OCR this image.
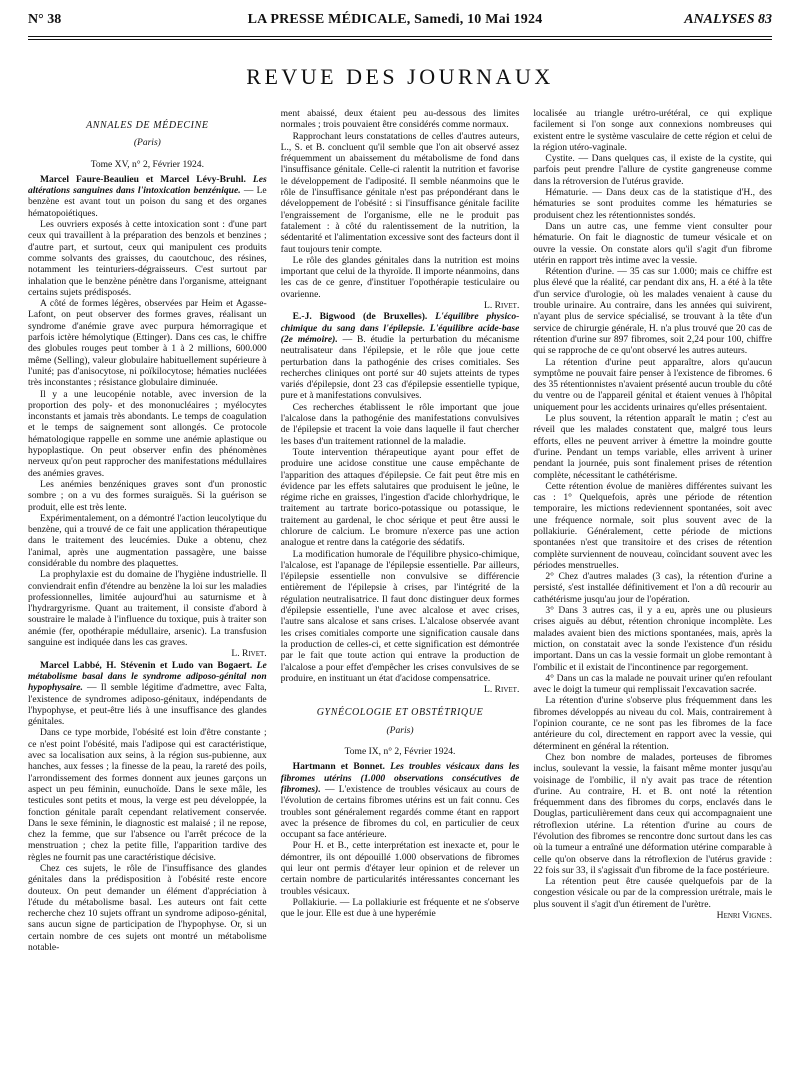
N° 38	LA PRESSE MÉDICALE, Samedi, 10 Mai 1924	ANALYSES 83
REVUE DES JOURNAUX
ANNALES DE MÉDECINE
(Paris)
Tome XV, n° 2, Février 1924.

Marcel Faure-Beaulieu et Marcel Lévy-Bruhl. Les altérations sanguines dans l'intoxication benzénique. — Le benzène est avant tout un poison du sang et des organes hématopoiétiques.

Les ouvriers exposés à cette intoxication sont : d'une part ceux qui travaillent à la préparation des benzols et benzines ; d'autre part, et surtout, ceux qui manipulent ces produits comme solvants des graisses, du caoutchouc, des résines, notamment les teinturiers-dégraisseurs. C'est surtout par inhalation que le benzène pénètre dans l'organisme, atteignant certains sujets prédisposés.

A côté de formes légères, observées par Heim et Agasse-Lafont, on peut observer des formes graves, réalisant un syndrome d'anémie grave avec purpura hémorragique et parfois ictère hémolytique (Ettinger). Dans ces cas, le chiffre des globules rouges peut tomber à 1 à 2 millions, 600.000 même (Selling), valeur globulaire habituellement supérieure à l'unité; pas d'anisocytose, ni poïkilocytose; hématies nucléées très inconstantes ; résistance globulaire diminuée.

Il y a une leucopénie notable, avec inversion de la proportion des poly- et des mononucléaires ; myélocytes inconstants et jamais très abondants. Le temps de coagulation et le temps de saignement sont allongés. Ce protocole hématologique rappelle en somme une anémie aplastique ou hypoplastique. On peut observer enfin des phénomènes nerveux qu'on peut rapprocher des manifestations médullaires des anémies graves.

Les anémies benzéniques graves sont d'un pronostic sombre ; on a vu des formes suraiguës. Si la guérison se produit, elle est très lente.

Expérimentalement, on a démontré l'action leucolytique du benzène, qui a trouvé de ce fait une application thérapeutique dans le traitement des leucémies. Duke a obtenu, chez l'animal, après une augmentation passagère, une baisse considérable du nombre des plaquettes.

La prophylaxie est du domaine de l'hygiène industrielle. Il conviendrait enfin d'étendre au benzène la loi sur les maladies professionnelles, limitée aujourd'hui au saturnisme et à l'hydrargyrisme. Quant au traitement, il consiste d'abord à soustraire le malade à l'influence du toxique, puis à traiter son anémie (fer, opothérapie médullaire, arsenic). La transfusion sanguine est indiquée dans les cas graves.

L. Rivet.

Marcel Labbé, H. Stévenin et Ludo van Bogaert. Le métabolisme basal dans le syndrome adiposo-génital non hypophysaire. — Il semble légitime d'admettre, avec Falta, l'existence de syndromes adiposo-génitaux, indépendants de l'hypophyse, et peut-être liés à une insuffisance des glandes génitales.

Dans ce type morbide, l'obésité est loin d'être constante ; ce n'est point l'obésité, mais l'adipose qui est caractéristique, avec sa localisation aux seins, à la région sus-pubienne, aux hanches, aux fesses ; la finesse de la peau, la rareté des poils, l'arrondissement des formes donnent aux jeunes garçons un aspect un peu féminin, eunuchoïde. Dans le sexe mâle, les testicules sont petits et mous, la verge est peu développée, la fonction génitale paraît cependant relativement conservée. Dans le sexe féminin, le diagnostic est malaisé ; il ne repose, chez la femme, que sur l'absence ou l'arrêt précoce de la menstruation ; chez la petite fille, l'apparition tardive des règles ne fournit pas une caractéristique décisive.

Chez ces sujets, le rôle de l'insuffisance des glandes génitales dans la prédisposition à l'obésité reste encore douteux. On peut demander un élément d'appréciation à l'étude du métabolisme basal. Les auteurs ont fait cette recherche chez 10 sujets offrant un syndrome adiposo-génital, sans aucun signe de participation de l'hypophyse. Or, si un certain nombre de ces sujets ont montré un métabolisme notable-

ment abaissé, deux étaient peu au-dessous des limites normales ; trois pouvaient être considérés comme normaux.

Rapprochant leurs constatations de celles d'autres auteurs, L., S. et B. concluent qu'il semble que l'on ait observé assez fréquemment un abaissement du métabolisme de fond dans l'insuffisance génitale. Celle-ci ralentit la nutrition et favorise le développement de l'adiposité. Il semble néanmoins que le rôle de l'insuffisance génitale n'est pas prépondérant dans le développement de l'obésité : si l'insuffisance génitale facilite l'engraissement de l'organisme, elle ne le produit pas fatalement : à côté du ralentissement de la nutrition, la sédentarité et l'alimentation excessive sont des facteurs dont il faut toujours tenir compte.

Le rôle des glandes génitales dans la nutrition est moins important que celui de la thyroïde. Il importe néanmoins, dans les cas de ce genre, d'instituer l'opothérapie testiculaire ou ovarienne.

L. Rivet.

E.-J. Bigwood (de Bruxelles). L'équilibre physico-chimique du sang dans l'épilepsie. L'équilibre acide-base (2e mémoire). — B. étudie la perturbation du mécanisme neutralisateur dans l'épilepsie, et le rôle que joue cette perturbation dans la pathogénie des crises comitiales. Ses recherches cliniques ont porté sur 40 sujets atteints de types variés d'épilepsie, dont 23 cas d'épilepsie essentielle typique, pure et à manifestations convulsives.

Ces recherches établissent le rôle important que joue l'alcalose dans la pathogénie des manifestations convulsives de l'épilepsie et tracent la voie dans laquelle il faut chercher les bases d'un traitement rationnel de la maladie.

Toute intervention thérapeutique ayant pour effet de produire une acidose constitue une cause empêchante de l'apparition des attaques d'épilepsie. Ce fait peut être mis en évidence par les effets salutaires que produisent le jeûne, le régime riche en graisses, l'ingestion d'acide chlorhydrique, le traitement au tartrate borico-potassique ou potassique, le traitement au gardenal, le choc sérique et peut être aussi le chlorure de calcium. Le bromure n'exerce pas une action analogue et rentre dans la catégorie des sédatifs.

La modification humorale de l'équilibre physico-chimique, l'alcalose, est l'apanage de l'épilepsie essentielle. Par ailleurs, l'épilepsie essentielle non convulsive se différencie entièrement de l'épilepsie à crises, par l'intégrité de la régulation neutralisatrice. Il faut donc distinguer deux formes d'épilepsie essentielle, l'une avec alcalose et avec crises, l'autre sans alcalose et sans crises. L'alcalose observée avant les crises comitiales comporte une signification causale dans la production de celles-ci, et cette signification est démontrée par le fait que toute action qui entrave la production de l'alcalose a pour effet d'empêcher les crises convulsives de se produire, en instituant un état d'acidose compensatrice.

L. Rivet.

GYNÉCOLOGIE ET OBSTÉTRIQUE
(Paris)
Tome IX, n° 2, Février 1924.

Hartmann et Bonnet. Les troubles vésicaux dans les fibromes utérins (1.000 observations consécutives de fibromes). — L'existence de troubles vésicaux au cours de l'évolution de certains fibromes utérins est un fait connu. Ces troubles sont généralement regardés comme étant en rapport avec la présence de fibromes du col, en particulier de ceux occupant sa face antérieure.

Pour H. et B., cette interprétation est inexacte et, pour le démontrer, ils ont dépouillé 1.000 observations de fibromes qui leur ont permis d'étayer leur opinion et de relever un certain nombre de particularités intéressantes concernant les troubles vésicaux.

Pollakiurie. — La pollakiurie est fréquente et ne s'observe que le jour. Elle est due à une hyperémie

localisée au triangle urétro-urétéral, ce qui explique facilement si l'on songe aux connexions nombreuses qui existent entre le système vasculaire de cette région et celui de la région utéro-vaginale.

Cystite. — Dans quelques cas, il existe de la cystite, qui parfois peut prendre l'allure de cystite gangreneuse comme dans la rétroversion de l'utérus gravide.

Hématurie. — Dans deux cas de la statistique d'H., des hématuries se sont produites comme les hématuries se produisent chez les rétentionnistes sondés.

Dans un autre cas, une femme vient consulter pour hématurie. On fait le diagnostic de tumeur vésicale et on ouvre la vessie. On constate alors qu'il s'agit d'un fibrome utérin en rapport très intime avec la vessie.

Rétention d'urine. — 35 cas sur 1.000; mais ce chiffre est plus élevé que la réalité, car pendant dix ans, H. a été à la tête d'un service d'urologie, où les malades venaient à cause du trouble urinaire. Au contraire, dans les années qui suivirent, n'ayant plus de service spécialisé, se trouvant à la tête d'un service de chirurgie générale, H. n'a plus trouvé que 20 cas de rétention d'urine sur 897 fibromes, soit 2,24 pour 100, chiffre qui se rapproche de ce qu'ont observé les autres auteurs.

La rétention d'urine peut apparaître, alors qu'aucun symptôme ne pouvait faire penser à l'existence de fibromes. 6 des 35 rétentionnistes n'avaient présenté aucun trouble du côté du ventre ou de l'appareil génital et étaient venues à l'hôpital uniquement pour les accidents urinaires qu'elles présentaient.

Le plus souvent, la rétention apparaît le matin ; c'est au réveil que les malades constatent que, malgré tous leurs efforts, elles ne peuvent arriver à émettre la moindre goutte d'urine. Pendant un temps variable, elles arrivent à uriner pendant la journée, puis sont finalement prises de rétention complète, nécessitant le cathétérisme.

Cette rétention évolue de manières différentes suivant les cas : 1° Quelquefois, après une période de rétention temporaire, les mictions redeviennent spontanées, soit avec une fréquence normale, soit plus souvent avec de la pollakiurie. Généralement, cette période de mictions spontanées n'est que transitoire et des crises de rétention complète surviennent de nouveau, coïncidant souvent avec les périodes menstruelles.

2° Chez d'autres malades (3 cas), la rétention d'urine a persisté, s'est installée définitivement et l'on a dû recourir au cathétérisme jusqu'au jour de l'opération.

3° Dans 3 autres cas, il y a eu, après une ou plusieurs crises aiguës au début, rétention chronique incomplète. Les malades avaient bien des mictions spontanées, mais, après la miction, on constatait avec la sonde l'existence d'un résidu important. Dans un cas la vessie formait un globe remontant à l'ombilic et il existait de l'incontinence par regorgement.

4° Dans un cas la malade ne pouvait uriner qu'en refoulant avec le doigt la tumeur qui remplissait l'excavation sacrée.

La rétention d'urine s'observe plus fréquemment dans les fibromes développés au niveau du col. Mais, contrairement à l'opinion courante, ce ne sont pas les fibromes de la face antérieure du col, directement en rapport avec la vessie, qui déterminent en général la rétention.

Chez bon nombre de malades, porteuses de fibromes inclus, soulevant la vessie, la faisant même monter jusqu'au voisinage de l'ombilic, il n'y avait pas trace de rétention d'urine. Au contraire, H. et B. ont noté la rétention fréquemment dans des fibromes du corps, enclavés dans le Douglas, particulièrement dans ceux qui accompagnaient une rétroflexion utérine. La rétention d'urine au cours de l'évolution des fibromes se rencontre donc surtout dans les cas où la tumeur a entraîné une déformation utérine comparable à celle qu'on observe dans la rétroflexion de l'utérus gravide : 22 fois sur 33, il s'agissait d'un fibrome de la face postérieure.

La rétention peut être causée quelquefois par de la congestion vésicale ou par de la compression urétrale, mais le plus souvent il s'agit d'un étirement de l'urètre.

Henri Vignes.
